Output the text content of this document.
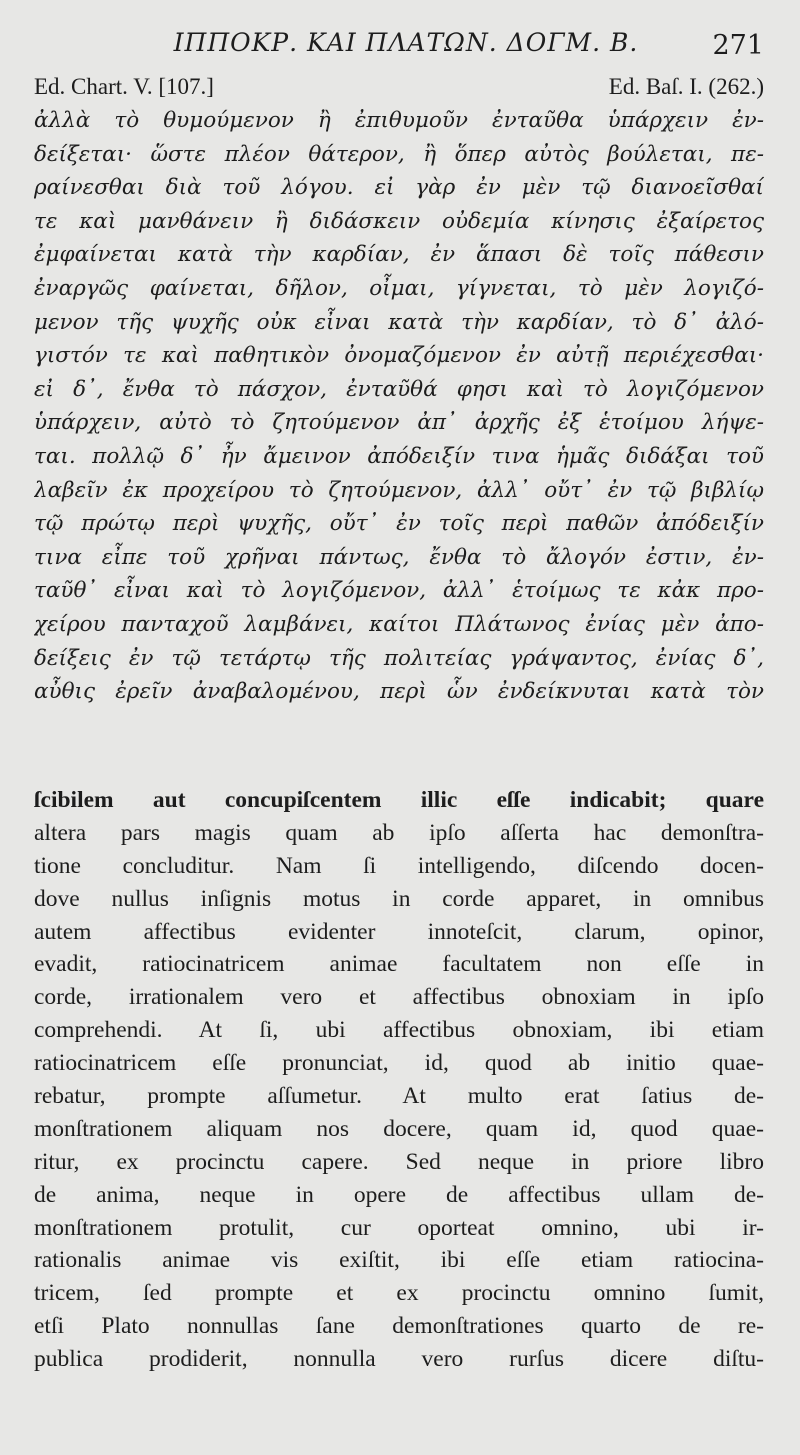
ΙΠΠΟΚΡ. ΚΑΙ ΠΛΑΤΩΝ. ΔΟΓΜ. Β.	271
Ed. Chart. V. [107.]	Ed. Baſ. I. (262.)
ἀλλὰ τὸ θυμούμενον ἢ ἐπιθυμοῦν ἐνταῦθα ὑπάρχειν ἐν-
δείξεται· ὥστε πλέον θάτερον, ἢ ὅπερ αὐτὸς βούλεται, πε-
ραίνεσθαι διὰ τοῦ λόγου. εἰ γὰρ ἐν μὲν τῷ διανοεῖσθαί
τε καὶ μανθάνειν ἢ διδάσκειν οὐδεμία κίνησις ἐξαίρετος
ἐμφαίνεται κατὰ τὴν καρδίαν, ἐν ἅπασι δὲ τοῖς πάθεσιν
ἐναργῶς φαίνεται, δῆλον, οἶμαι, γίγνεται, τὸ μὲν λογιζό-
μενον τῆς ψυχῆς οὐκ εἶναι κατὰ τὴν καρδίαν, τὸ δ᾽ ἀλό-
γιστόν τε καὶ παθητικὸν ὀνομαζόμενον ἐν αὐτῇ περιέχεσθαι·
εἰ δ᾽, ἔνθα τὸ πάσχον, ἐνταῦθά φησι καὶ τὸ λογιζόμενον
ὑπάρχειν, αὐτὸ τὸ ζητούμενον ἀπ᾽ ἀρχῆς ἐξ ἑτοίμου λήψε-
ται. πολλῷ δ᾽ ἦν ἄμεινον ἀπόδειξίν τινα ἡμᾶς διδάξαι τοῦ
λαβεῖν ἐκ προχείρου τὸ ζητούμενον, ἀλλ᾽ οὔτ᾽ ἐν τῷ βιβλίῳ
τῷ πρώτῳ περὶ ψυχῆς, οὔτ᾽ ἐν τοῖς περὶ παθῶν ἀπόδειξίν
τινα εἶπε τοῦ χρῆναι πάντως, ἔνθα τὸ ἄλογόν ἐστιν, ἐν-
ταῦθ᾽ εἶναι καὶ τὸ λογιζόμενον, ἀλλ᾽ ἑτοίμως τε κἀκ προ-
χείρου πανταχοῦ λαμβάνει, καίτοι Πλάτωνος ἐνίας μὲν ἀπο-
δείξεις ἐν τῷ τετάρτῳ τῆς πολιτείας γράψαντος, ἐνίας δ᾽,
αὖθις ἐρεῖν ἀναβαλομένου, περὶ ὧν ἐνδείκνυται κατὰ τὸν
ſcibilem aut concupiſcentem illic eſſe indicabit; quare
altera pars magis quam ab ipſo aſſerta hac demonſtra-
tione concluditur. Nam ſi intelligendo, diſcendo docen-
dove nullus inſignis motus in corde apparet, in omnibus
autem affectibus evidenter innoteſcit, clarum, opinor,
evadit, ratiocinatricem animae facultatem non eſſe in
corde, irrationalem vero et affectibus obnoxiam in ipſo
comprehendi. At ſi, ubi affectibus obnoxiam, ibi etiam
ratiocinatricem eſſe pronunciat, id, quod ab initio quae-
rebatur, prompte aſſumetur. At multo erat ſatius de-
monſtrationem aliquam nos docere, quam id, quod quae-
ritur, ex procinctu capere. Sed neque in priore libro
de anima, neque in opere de affectibus ullam de-
monſtrationem protulit, cur oporteat omnino, ubi ir-
rationalis animae vis exiſtit, ibi eſſe etiam ratiocina-
tricem, ſed prompte et ex procinctu omnino ſumit,
etſi Plato nonnullas ſane demonſtrationes quarto de re-
publica prodiderit, nonnulla vero rurſus dicere diſtu-
